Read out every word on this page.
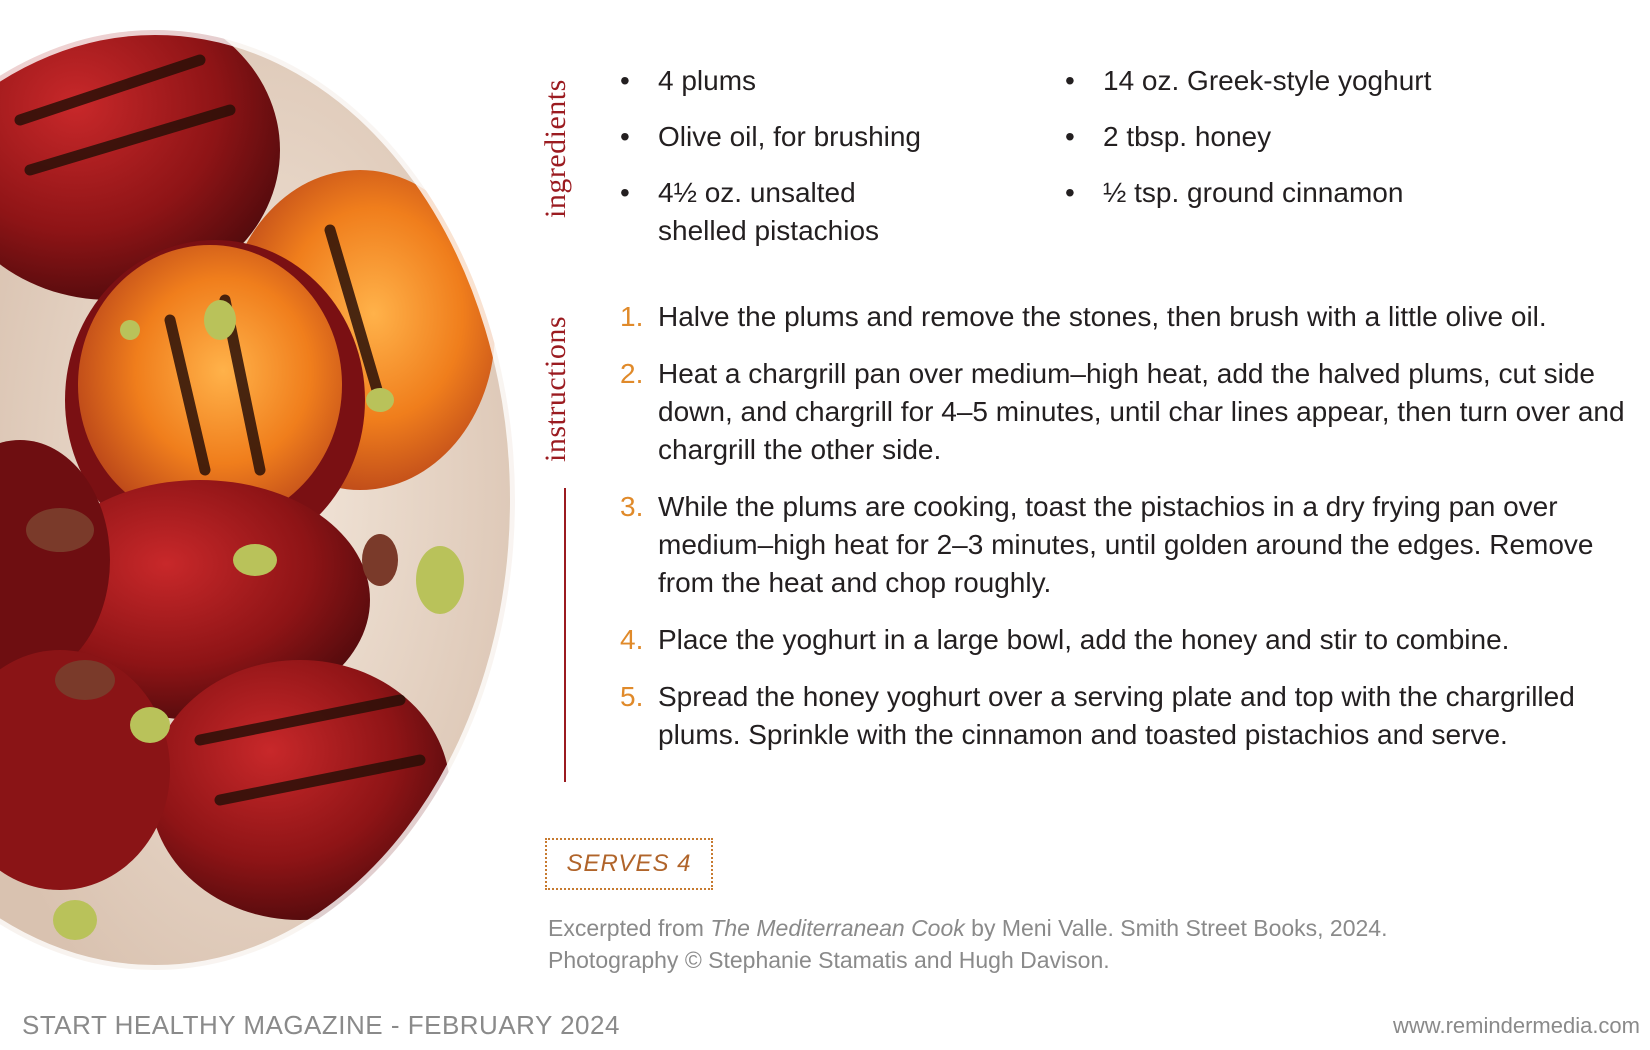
ingredients
instructions
• 4 plums
• Olive oil, for brushing
• 4½ oz. unsalted shelled pistachios
• 14 oz. Greek-style yoghurt
• 2 tbsp. honey
• ½ tsp. ground cinnamon
1. Halve the plums and remove the stones, then brush with a little olive oil.
2. Heat a chargrill pan over medium–high heat, add the halved plums, cut side down, and chargrill for 4–5 minutes, until char lines appear, then turn over and chargrill the other side.
3. While the plums are cooking, toast the pistachios in a dry frying pan over medium–high heat for 2–3 minutes, until golden around the edges. Remove from the heat and chop roughly.
4. Place the yoghurt in a large bowl, add the honey and stir to combine.
5. Spread the honey yoghurt over a serving plate and top with the chargrilled plums. Sprinkle with the cinnamon and toasted pistachios and serve.
SERVES 4
Excerpted from The Mediterranean Cook by Meni Valle. Smith Street Books, 2024.
Photography © Stephanie Stamatis and Hugh Davison.
START HEALTHY MAGAZINE - FEBRUARY 2024	www.remindermedia.com
